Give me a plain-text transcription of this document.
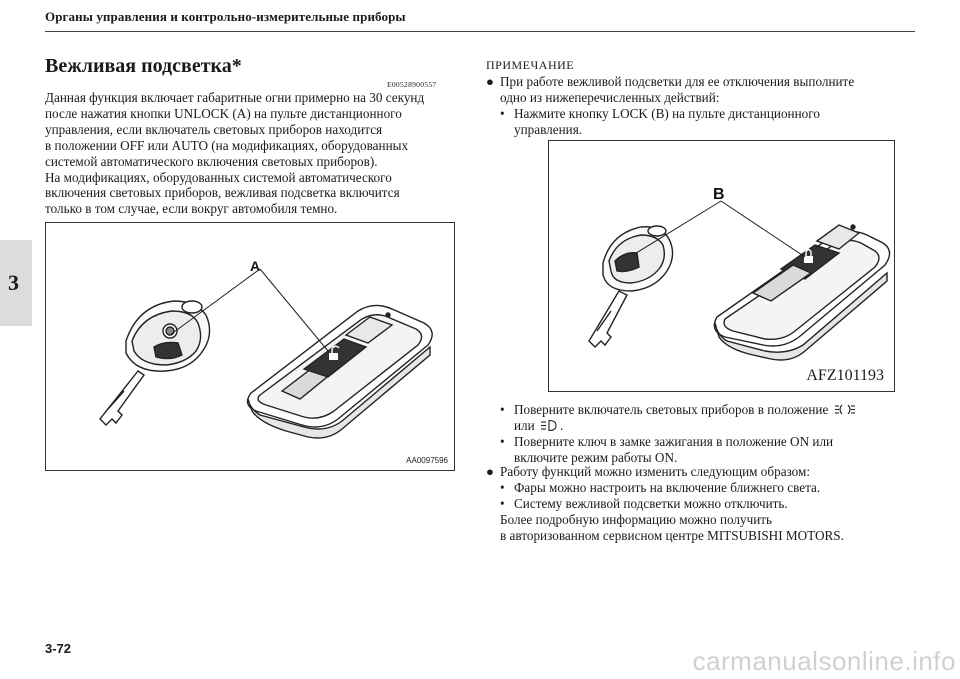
Органы управления и контрольно-измерительные приборы
3
Вежливая подсветка*
E00528900557
Данная функция включает габаритные огни примерно на 30 секунд
после нажатия кнопки UNLOCK (A) на пульте дистанционного
управления, если включатель световых приборов находится
в положении OFF или AUTO (на модификациях, оборудованных
системой автоматического включения световых приборов).
На модификациях, оборудованных системой автоматического
включения световых приборов, вежливая подсветка включится
только в том случае, если вокруг автомобиля темно.
A
AA0097596
ПРИМЕЧАНИЕ
● При работе вежливой подсветки для ее отключения выполните
одно из нижеперечисленных действий:
• Нажмите кнопку LOCK (B) на пульте дистанционного
управления.
B
AFZ101193
• Поверните включатель световых приборов в положение
или .
• Поверните ключ в замке зажигания в положение ON или
включите режим работы ON.
● Работу функций можно изменить следующим образом:
• Фары можно настроить на включение ближнего света.
• Систему вежливой подсветки можно отключить.
Более подробную информацию можно получить
в авторизованном сервисном центре MITSUBISHI MOTORS.
3-72	carmanualsonline.info
